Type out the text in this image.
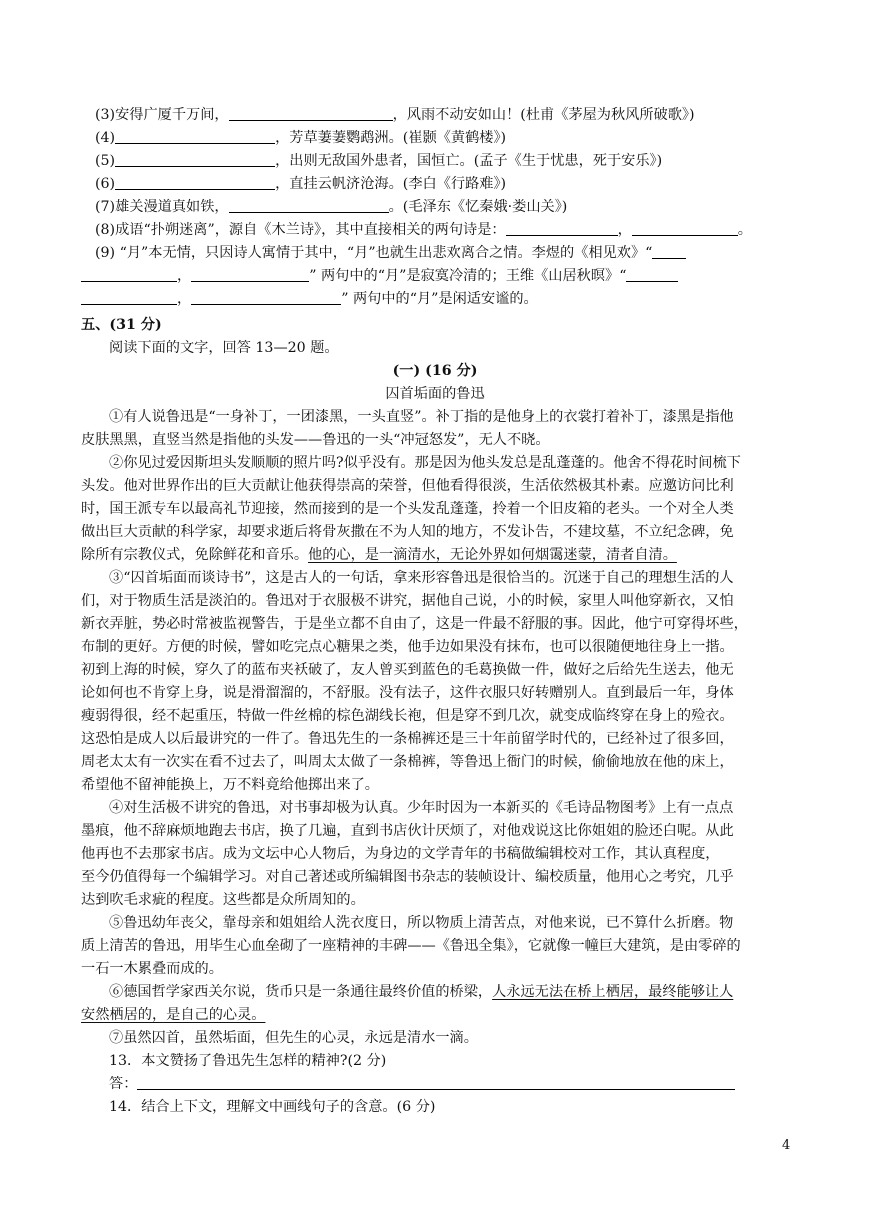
(3)安得广厦千万间，	，风雨不动安如山！(杜甫《茅屋为秋风所破歌》)
(4)	，芳草萋萋鹦鹉洲。(崔颢《黄鹤楼》)
(5)	，出则无敌国外患者，国恒亡。(孟子《生于忧患，死于安乐》)
(6)	，直挂云帆济沧海。(李白《行路难》)
(7)雄关漫道真如铁，	。(毛泽东《忆秦娥·娄山关》)
(8)成语“扑朔迷离”，源自《木兰诗》，其中直接相关的两句诗是：	，	。
(9) “月”本无情，只因诗人寓情于其中，“月”也就生出悲欢离合之情。李煜的《相见欢》“
，	” 两句中的“月”是寂寞冷清的；王维《山居秋暝》“
，	” 两句中的“月”是闲适安谧的。
五、(31 分)
阅读下面的文字，回答 13—20 题。
(一) (16 分)
囚首垢面的鲁迅
①有人说鲁迅是“一身补丁，一团漆黑，一头直竖”。补丁指的是他身上的衣裳打着补丁，漆黑是指他
皮肤黑黑，直竖当然是指他的头发——鲁迅的一头“冲冠怒发”，无人不晓。
②你见过爱因斯坦头发顺顺的照片吗?似乎没有。那是因为他头发总是乱蓬蓬的。他舍不得花时间梳下
头发。他对世界作出的巨大贡献让他获得崇高的荣誉，但他看得很淡，生活依然极其朴素。应邀访问比利
时，国王派专车以最高礼节迎接，然而接到的是一个头发乱蓬蓬，拎着一个旧皮箱的老头。一个对全人类
做出巨大贡献的科学家，却要求逝后将骨灰撒在不为人知的地方，不发讣告，不建坟墓，不立纪念碑，免
除所有宗教仪式，免除鲜花和音乐。他的心，是一滴清水，无论外界如何烟霭迷蒙，清者自清。
③“囚首垢面而谈诗书”，这是古人的一句话，拿来形容鲁迅是很恰当的。沉迷于自己的理想生活的人
们，对于物质生活是淡泊的。鲁迅对于衣服极不讲究，据他自己说，小的时候，家里人叫他穿新衣，又怕
新衣弄脏，势必时常被监视警告，于是坐立都不自由了，这是一件最不舒服的事。因此，他宁可穿得坏些，
布制的更好。方便的时候，譬如吃完点心糖果之类，他手边如果没有抹布，也可以很随便地往身上一揩。
初到上海的时候，穿久了的蓝布夹袄破了，友人曾买到蓝色的毛葛换做一件，做好之后给先生送去，他无
论如何也不肯穿上身，说是滑溜溜的，不舒服。没有法子，这件衣服只好转赠别人。直到最后一年，身体
瘦弱得很，经不起重压，特做一件丝棉的棕色湖线长袍，但是穿不到几次，就变成临终穿在身上的殓衣。
这恐怕是成人以后最讲究的一件了。鲁迅先生的一条棉裤还是三十年前留学时代的，已经补过了很多回，
周老太太有一次实在看不过去了，叫周太太做了一条棉裤，等鲁迅上衙门的时候，偷偷地放在他的床上，
希望他不留神能换上，万不料竟给他掷出来了。
④对生活极不讲究的鲁迅，对书事却极为认真。少年时因为一本新买的《毛诗品物图考》上有一点点
墨痕，他不辞麻烦地跑去书店，换了几遍，直到书店伙计厌烦了，对他戏说这比你姐姐的脸还白呢。从此
他再也不去那家书店。成为文坛中心人物后，为身边的文学青年的书稿做编辑校对工作，其认真程度，
至今仍值得每一个编辑学习。对自己著述或所编辑图书杂志的装帧设计、编校质量，他用心之考究，几乎
达到吹毛求疵的程度。这些都是众所周知的。
⑤鲁迅幼年丧父，靠母亲和姐姐给人洗衣度日，所以物质上清苦点，对他来说，已不算什么折磨。物
质上清苦的鲁迅，用毕生心血垒砌了一座精神的丰碑——《鲁迅全集》，它就像一幢巨大建筑，是由零碎的
一石一木累叠而成的。
⑥德国哲学家西关尔说，货币只是一条通往最终价值的桥梁，人永远无法在桥上栖居，最终能够让人
安然栖居的，是自己的心灵。
⑦虽然囚首，虽然垢面，但先生的心灵，永远是清水一滴。
13．本文赞扬了鲁迅先生怎样的精神?(2 分)
答：
14．结合上下文，理解文中画线句子的含意。(6 分)
4
